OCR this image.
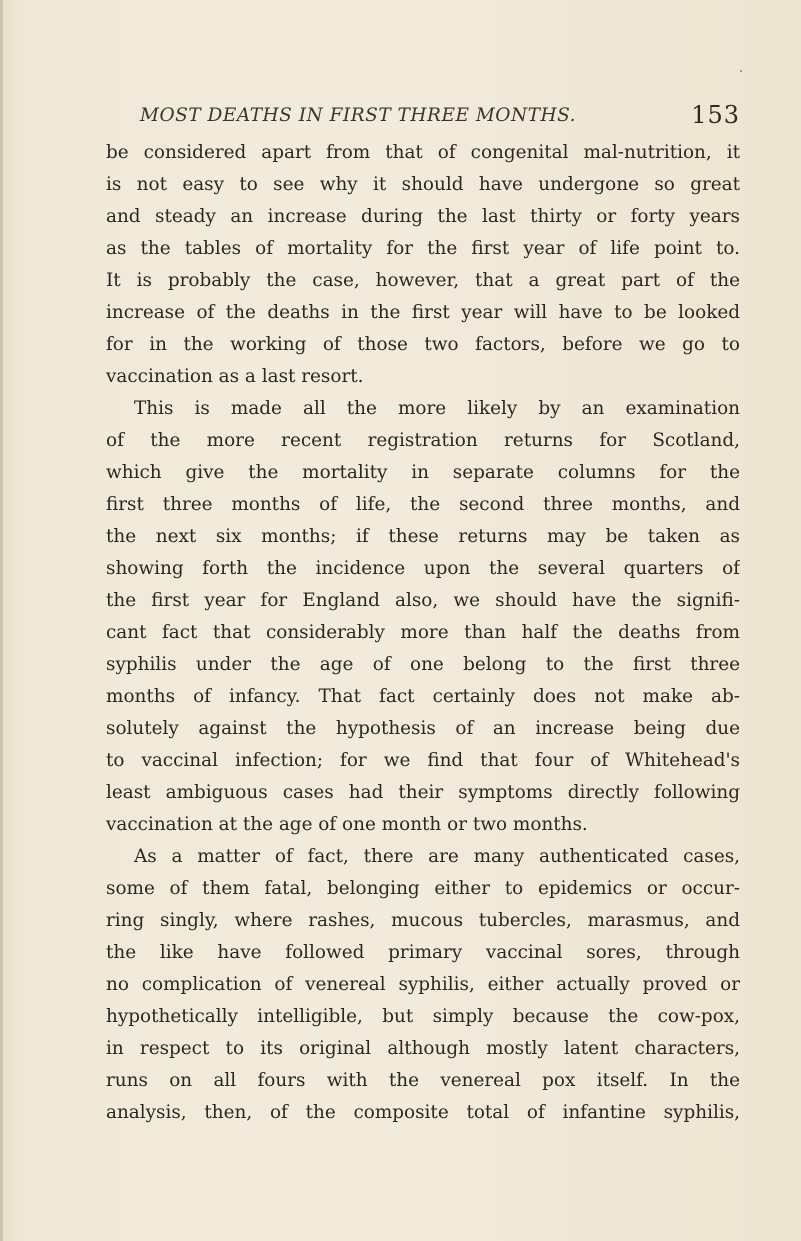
MOST DEATHS IN FIRST THREE MONTHS.	153
be considered apart from that of congenital mal-nutrition, it
is not easy to see why it should have undergone so great
and steady an increase during the last thirty or forty years
as the tables of mortality for the first year of life point to.
It is probably the case, however, that a great part of the
increase of the deaths in the first year will have to be looked
for in the working of those two factors, before we go to
vaccination as a last resort.
This is made all the more likely by an examination
of the more recent registration returns for Scotland,
which give the mortality in separate columns for the
first three months of life, the second three months, and
the next six months; if these returns may be taken as
showing forth the incidence upon the several quarters of
the first year for England also, we should have the signifi-
cant fact that considerably more than half the deaths from
syphilis under the age of one belong to the first three
months of infancy. That fact certainly does not make ab-
solutely against the hypothesis of an increase being due
to vaccinal infection; for we find that four of Whitehead's
least ambiguous cases had their symptoms directly following
vaccination at the age of one month or two months.
As a matter of fact, there are many authenticated cases,
some of them fatal, belonging either to epidemics or occur-
ring singly, where rashes, mucous tubercles, marasmus, and
the like have followed primary vaccinal sores, through
no complication of venereal syphilis, either actually proved or
hypothetically intelligible, but simply because the cow-pox,
in respect to its original although mostly latent characters,
runs on all fours with the venereal pox itself. In the
analysis, then, of the composite total of infantine syphilis,
